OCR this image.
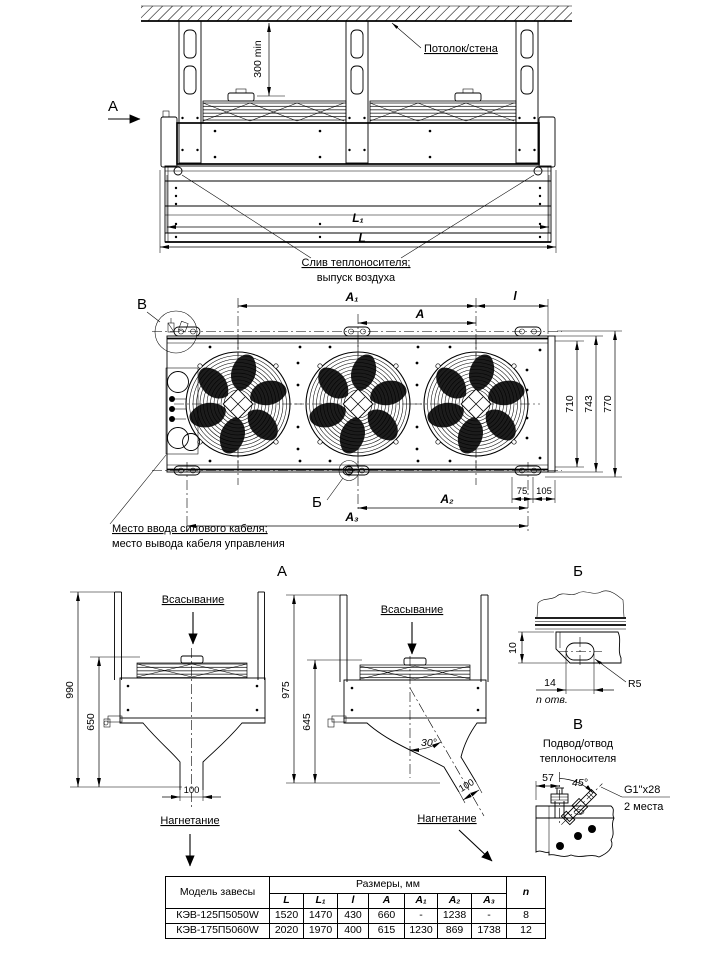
А
300 min	Потолок/стена
L₁
L
Слив теплоносителя;
выпуск воздуха
В
Место ввода силового кабеля;
место вывода кабеля управления
A₁	l
A
710 743 770
Б
75 105
A₂
A₃
А
990
650
100
Всасывание
Нагнетание
30°
975
645
100
Всасывание
Нагнетание
Б
10
14
n отв.
R5
В
Подвод/отвод
теплоносителя
57 45°
G1"x28
2 места
Модель завесы	Размеры, мм							n
	L	L₁	l	A	A₁	A₂	A₃	
КЭВ-125П5050W	1520	1470	430	660	-	1238	-	8
КЭВ-175П5060W	2020	1970	400	615	1230	869	1738	12
